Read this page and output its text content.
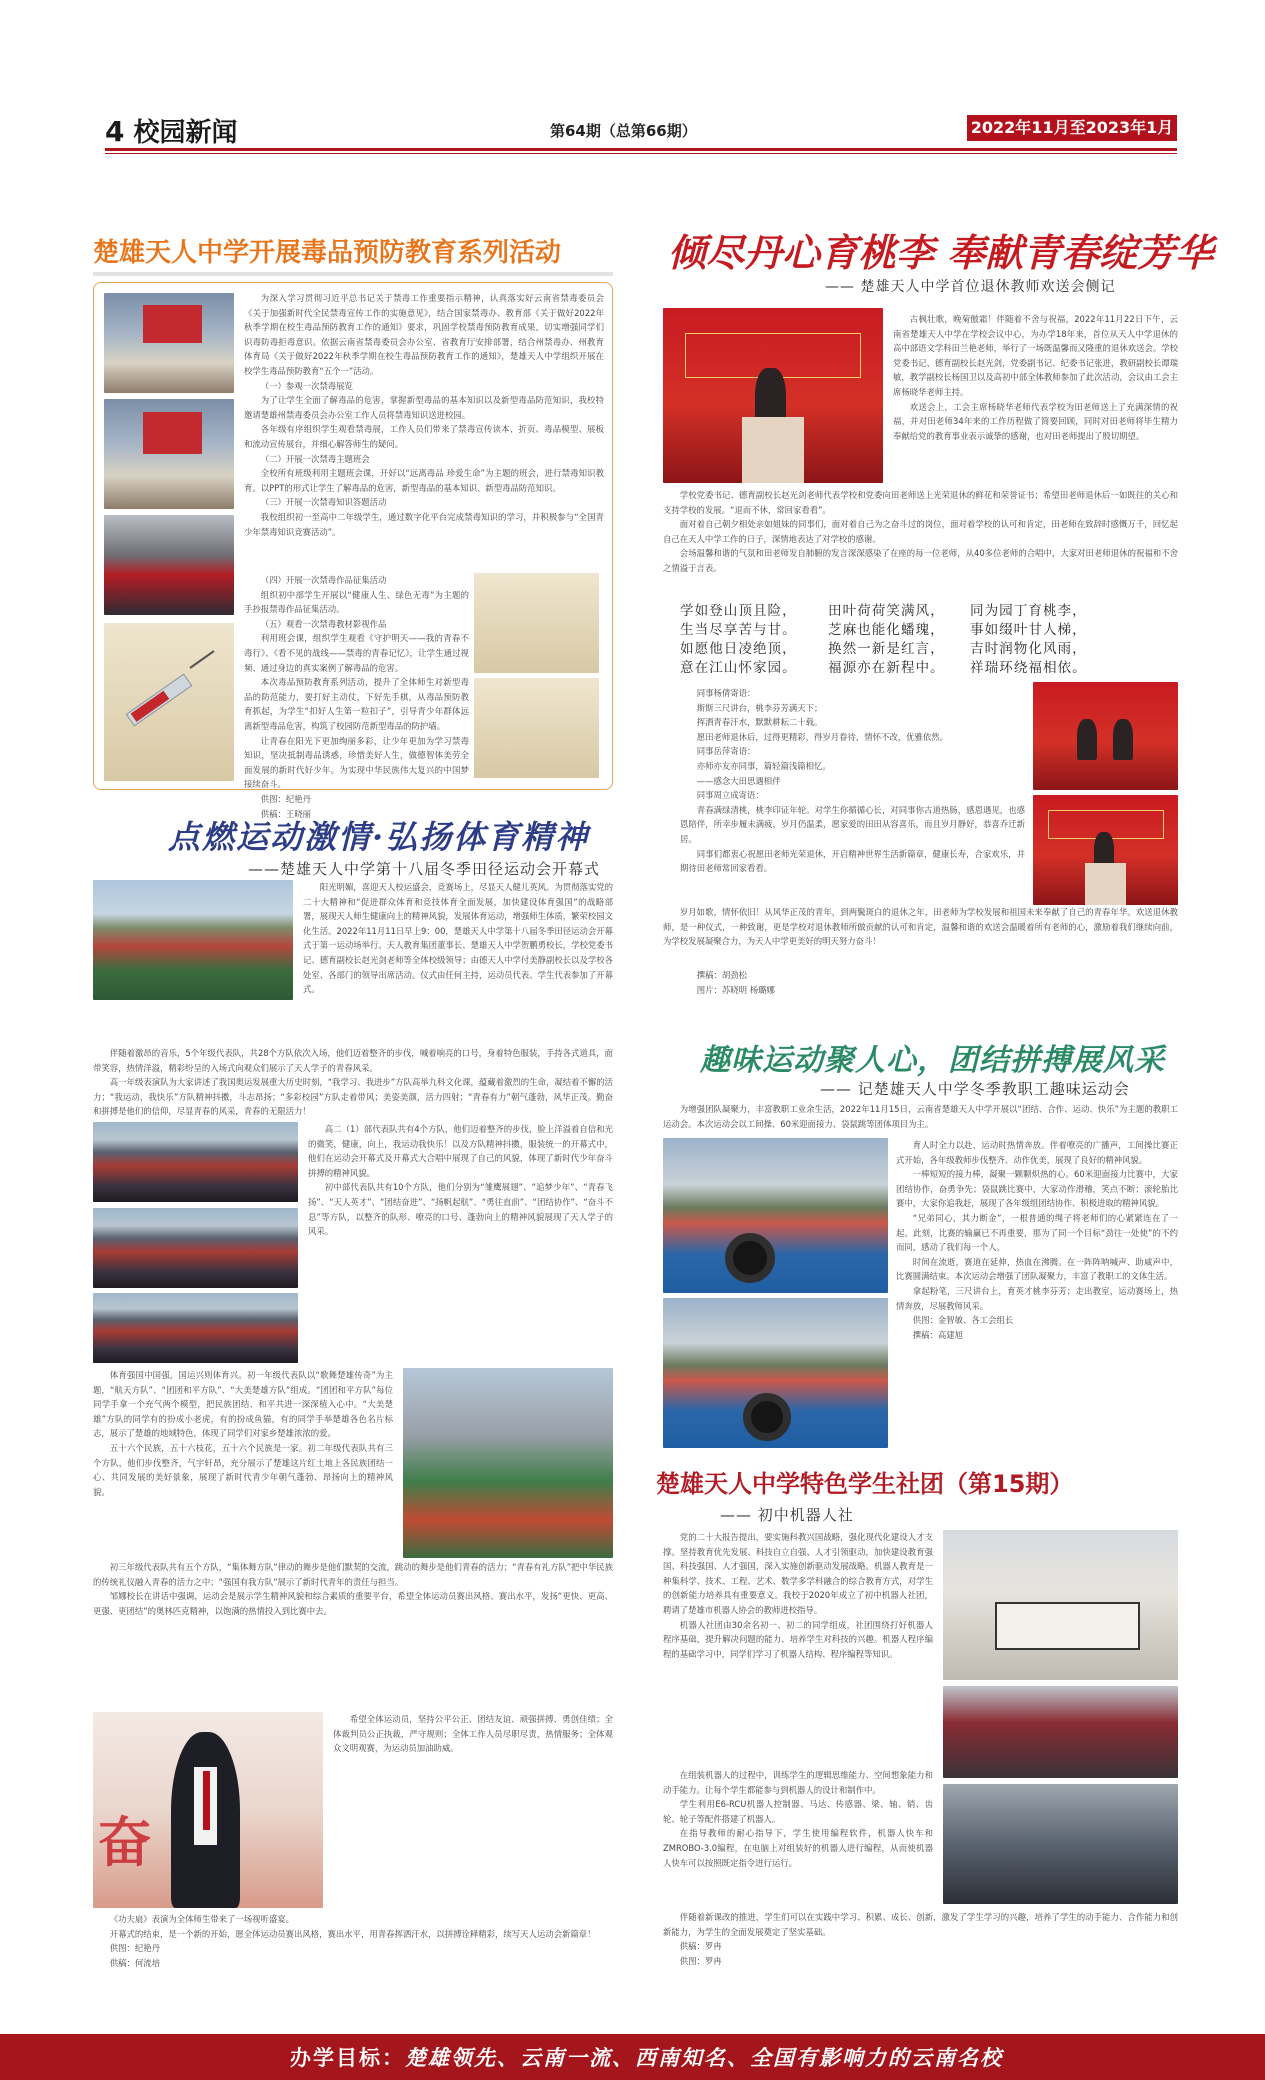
4 校园新闻	第64期（总第66期）	2022年11月至2023年1月
楚雄天人中学开展毒品预防教育系列活动

为深入学习贯彻习近平总书记关于禁毒工作重要指示精神，认真落实好云南省禁毒委员会《关于加强新时代全民禁毒宣传工作的实施意见》，结合国家禁毒办、教育部《关于做好2022年秋季学期在校生毒品预防教育工作的通知》要求，巩固学校禁毒预防教育成果，切实增强同学们识毒防毒拒毒意识。依据云南省禁毒委员会办公室、省教育厅安排部署，结合州禁毒办、州教育体育局《关于做好2022年秋季学期在校生毒品预防教育工作的通知》，楚雄天人中学组织开展在校学生毒品预防教育“五个一”活动。

（一）参观一次禁毒展览

为了让学生全面了解毒品的危害，掌握新型毒品的基本知识以及新型毒品防范知识，我校特邀请楚雄州禁毒委员会办公室工作人员将禁毒知识送进校园。

各年级有序组织学生观看禁毒展，工作人员们带来了禁毒宣传读本、折页、毒品模型、展板和流动宣传展台，并细心解答师生的疑问。

（二）开展一次禁毒主题班会

全校所有班级利用主题班会课，开好以“远离毒品 珍爱生命”为主题的班会，进行禁毒知识教育。以PPT的形式让学生了解毒品的危害，新型毒品的基本知识、新型毒品防范知识。

（三）开展一次禁毒知识答题活动

我校组织初一至高中二年级学生，通过数字化平台完成禁毒知识的学习，并积极参与“全国青少年禁毒知识竞赛活动”。

（四）开展一次禁毒作品征集活动

组织初中部学生开展以“健康人生、绿色无毒”为主题的手抄报禁毒作品征集活动。

（五）观看一次禁毒教材影视作品

利用班会课，组织学生观看《守护明天——我的青春不毒行》、《看不见的战线——禁毒的青春记忆》，让学生通过视频、通过身边的真实案例了解毒品的危害。

本次毒品预防教育系列活动，提升了全体师生对新型毒品的防范能力，要打好主动仗，下好先手棋，从毒品预防教育抓起，为学生“扣好人生第一粒扣子”，引导青少年群体远离新型毒品危害，构筑了校园防范新型毒品的防护墙。

让青春在阳光下更加绚丽多彩，让少年更加为学习禁毒知识，坚决抵制毒品诱惑，珍惜美好人生，做德智体美劳全面发展的新时代好少年。为实现中华民族伟大复兴的中国梦接续奋斗。

供图：纪艳丹

供稿：王晓丽

倾尽丹心育桃李 奉献青春绽芳华
—— 楚雄天人中学首位退休教师欢送会侧记

古枫壮歌，晚菊傲霜！伴随着不舍与祝福，2022年11月22日下午，云南省楚雄天人中学在学校会议中心，为办学18年来，首位从天人中学退休的高中部语文学科田兰艳老师，举行了一场既温馨而又隆重的退休欢送会。学校党委书记、德育副校长赵光剑，党委副书记、纪委书记张进，教研副校长谭瑞敏，教学副校长杨国卫以及高初中部全体教师参加了此次活动，会议由工会主席杨晓华老师主持。

欢送会上，工会主席杨晓华老师代表学校为田老师送上了充满深情的祝福，并对田老师34年来的工作历程做了简要回顾，同时对田老师将毕生精力奉献给党的教育事业表示诚挚的感谢，也对田老师提出了殷切期望。

学校党委书记、德育副校长赵光剑老师代表学校和党委向田老师送上光荣退休的鲜花和荣誉证书；希望田老师退休后一如既往的关心和支持学校的发展。“退而不休，常回家看看”。

面对着自己朝夕相处亲如姐妹的同事们，面对着自己为之奋斗过的岗位，面对着学校的认可和肯定，田老师在致辞时感慨万千，回忆起自己在天人中学工作的日子，深情地表达了对学校的感谢。

会场温馨和谐的气氛和田老师发自肺腑的发言深深感染了在座的每一位老师，从40多位老师的合唱中，大家对田老师退休的祝福和不舍之情溢于言表。

学如登山顶且险，
生当尽享苦与甘。
如愿他日凌绝顶，
意在江山怀家园。
田叶荷荷笑满风，
芝麻也能化蟠瑰，
换然一新是红言，
福源亦在新程中。
同为园丁育桃李，
事如缀叶甘人梯，
吉时润物化风雨，
祥瑞环绕福相依。

同事杨倩寄语：

斯斯三尺讲台，桃李芬芳满天下；

挥洒青春汗水，默默耕耘二十载。

愿田老师退休后，过得更精彩，得岁月眷待，情怀不改，优雅依然。

同事岳萍寄语：

亦师亦友亦同事，篇轻篇浅篇相忆。

——感念大田思遇相伴

同事周立成寄语：

青春满绿清桃，桃李印证年轮。对学生你循循心长，对同事你古道热肠，感恩遇见，也感恩陪伴，所幸步履未满疲，岁月仍温柔，愿家爱的田田从容喜乐，而且岁月静好，恭喜乔迁新居。

同事们都衷心祝愿田老师光荣退休，开启精神世界生活新篇章，健康长寿，合家欢乐，并期待田老师常回家看看。

岁月如歌，情怀依旧！从风华正茂的青年，到两鬓斑白的退休之年，田老师为学校发展和祖国未来奉献了自己的青春年华。欢送退休教师，是一种仪式，一种致谢，更是学校对退休教师所做贡献的认可和肯定，温馨和谐的欢送会温暖着所有老师的心，激励着我们继续向前，为学校发展凝聚合力，为天人中学更美好的明天努力奋斗！

撰稿：胡劲松

图片：苏晓明 杨璐娜

点燃运动激情·弘扬体育精神
——楚雄天人中学第十八届冬季田径运动会开幕式

阳光明媚，喜迎天人校运盛会，竞赛场上，尽显天人健儿英风。为贯彻落实党的二十大精神和“促进群众体育和竞技体育全面发展，加快建设体育强国”的战略部署，展现天人师生健康向上的精神风貌，发展体育运动，增强师生体质，繁荣校园文化生活。2022年11月11日早上9：00，楚雄天人中学第十八届冬季田径运动会开幕式于第一运动场举行。天人教育集团董事长、楚雄天人中学贺鹏勇校长，学校党委书记、德育副校长赵光剑老师等全体校级领导；由德天人中学付美静副校长以及学校各处室、各部门的领导出席活动。仪式由任何主持，运动员代表、学生代表参加了开幕式。

伴随着激昂的音乐，5个年级代表队，共28个方队依次入场，他们迈着整齐的步伐，喊着响亮的口号，身着特色服装，手持各式道具，面带笑容，热情洋溢，精彩纷呈的入场式向观众们展示了天人学子的青春风采。

高一年级表演队为大家讲述了我国奥运发展重大历史时刻，“我学习、我进步”方队高举九科文化课，蕴藏着激烈的生命，凝结着不懈的活力；“我运动，我快乐”方队精神抖擞，斗志昂扬；“多彩校园”方队走着带风；美姿美颜，活力四射；“青春有力”朝气蓬勃，风华正茂。勤奋和拼搏是他们的信仰，尽显青春的风采，青春的无限活力！

高二（1）部代表队共有4个方队，他们迈着整齐的步伐，脸上洋溢着自信和光的微笑，健康，向上，我运动我快乐！以及方队精神抖擞，服装统一的开幕式中，他们在运动会开幕式及开幕式大合唱中展现了自己的风貌，体现了新时代少年奋斗拼搏的精神风貌。

初中部代表队共有10个方队，他们分别为“雏鹰展翅”、“追梦少年”、“青春飞扬”、“天人英才”、“团结奋进”、“扬帆起航”、“勇往直前”、“团结协作”、“奋斗不息”等方队，以整齐的队形、嘹亮的口号、蓬勃向上的精神风貌展现了天人学子的风采。

体育强国中国强，国运兴则体育兴。初一年级代表队以“歌舞楚雄传奇”为主题，“航天方队”、“团团和平方队”、“大美楚雄方队”组成。“团团和平方队”每位同学手拿一个充气两个模型，把民族团结、和平共进一深深植入心中。“大美楚雄”方队的同学有的扮成小老虎，有的扮成鱼猫，有的同学手举楚雄各色名片标志，展示了楚雄的地域特色，体现了同学们对家乡楚雄浓浓的爱。

五十六个民族，五十六枝花，五十六个民族是一家。初二年级代表队共有三个方队，他们步伐整齐，气宇轩昂，充分展示了楚雄这片红土地上各民族团结一心、共同发展的美好景象，展现了新时代青少年朝气蓬勃、昂扬向上的精神风貌。

初三年级代表队共有五个方队，“集体舞方队”律动的舞步是他们默契的交流，跳动的舞步是他们青春的活力；“青春有礼方队”把中华民族的传统礼仪融入青春的活力之中；“强国有我方队”展示了新时代青年的责任与担当。

邹娜校长在讲话中强调，运动会是展示学生精神风貌和综合素质的重要平台，希望全体运动员赛出风格、赛出水平，发扬“更快、更高、更强、更团结”的奥林匹克精神，以饱满的热情投入到比赛中去。

奋

希望全体运动员，坚持公平公正、团结友谊、顽强拼搏、勇创佳绩；全体裁判员公正执裁，严守规则；全体工作人员尽职尽责，热情服务；全体观众文明观赛，为运动员加油助威。

《功夫扇》表演为全体师生带来了一场视听盛宴。

开幕式的结束，是一个新的开始，愿全体运动员赛出风格，赛出水平，用青春挥洒汗水，以拼搏诠释精彩，续写天人运动会新篇章！

供图：纪艳丹

供稿：何流培

趣味运动聚人心，团结拼搏展风采
—— 记楚雄天人中学冬季教职工趣味运动会

为增强团队凝聚力，丰富教职工业余生活，2022年11月15日，云南省楚雄天人中学开展以“团结、合作、运动、快乐”为主题的教职工运动会。本次运动会以工间操、60米迎面接力、袋鼠跳等团体项目为主。

育人时全力以赴，运动时热情奔放。伴着嘹亮的广播声，工间操比赛正式开始，各年级教师步伐整齐、动作优美，展现了良好的精神风貌。

一棒短短的接力棒，凝聚一颗颗炽热的心。60米迎面接力比赛中，大家团结协作，奋勇争先；袋鼠跳比赛中，大家动作滑稽，笑点不断；滚轮胎比赛中，大家你追我赶，展现了各年级组团结协作、积极进取的精神风貌。

“兄弟同心，其力断金”，一根普通的绳子将老师们的心紧紧连在了一起。此刻，比赛的输赢已不再重要，那为了同一个目标“劲往一处使”的不约而同，感动了我们每一个人。

时间在流逝，赛道在延伸，热血在沸腾。在一阵阵呐喊声、助威声中，比赛圆满结束。本次运动会增强了团队凝聚力，丰富了教职工的文体生活。

拿起粉笔，三尺讲台上，育英才桃李芬芳；走出教室，运动赛场上，热情奔放，尽展教师风采。

供图：金智敏、各工会组长

撰稿：高建旭

楚雄天人中学特色学生社团（第15期）
—— 初中机器人社

党的二十大报告提出，要实施科教兴国战略，强化现代化建设人才支撑。坚持教育优先发展、科技自立自强、人才引领驱动，加快建设教育强国、科技强国、人才强国，深入实施创新驱动发展战略。机器人教育是一种集科学、技术、工程、艺术、数学多学科融合的综合教育方式，对学生的创新能力培养具有重要意义。我校于2020年成立了初中机器人社团，聘请了楚雄市机器人协会的教师进校指导。

机器人社团由30余名初一、初二的同学组成，社团围绕打好机器人程序基础，提升解决问题的能力、培养学生对科技的兴趣。机器人程序编程的基础学习中，同学们学习了机器人结构、程序编程等知识。

在组装机器人的过程中，训练学生的逻辑思维能力、空间想象能力和动手能力。让每个学生都能参与到机器人的设计和制作中。

学生利用E6-RCU机器人控制器、马达、传感器、梁、轴、销、齿轮、轮子等配件搭建了机器人。

在指导教师的耐心指导下，学生使用编程软件，机器人快车和ZMROBO-3.0编程，在电脑上对组装好的机器人进行编程，从而使机器人快车可以按照既定指令进行运行。

伴随着新课改的推进，学生们可以在实践中学习、积累、成长、创新，激发了学生学习的兴趣，培养了学生的动手能力、合作能力和创新能力，为学生的全面发展奠定了坚实基础。

供稿：罗冉

供图：罗冉

办学目标：楚雄领先、云南一流、西南知名、全国有影响力的云南名校
